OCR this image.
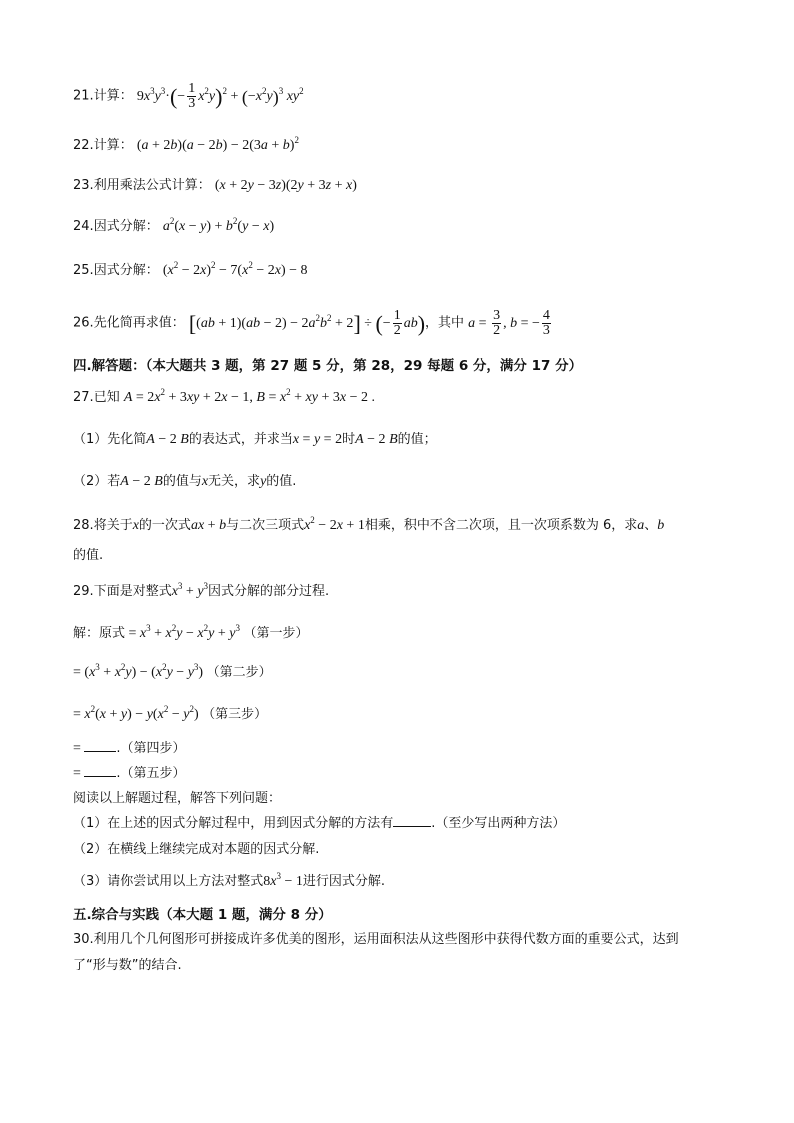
21.计算： $9x^3y^3\cdot(- \frac{1}{3} x^2y)^2 + (-x^2y)^3$ $xy^2$
22.计算： $(a + 2b)(a - 2b) - 2(3a + b)^2$
23.利用乘法公式计算： (x + 2y − 3z)(2y + 3z + x)
24.因式分解： $a^2(x - y) + b^2(y - x)$
25.因式分解： $(x^2 - 2x)^2 - 7(x^2 - 2x) - 8$
26.先化简再求值： $[(ab + 1)(ab - 2) - 2a^2b^2 + 2]$ ÷ (− $\frac{1}{2} ab$)，其中 $a = \frac{3}{2}$ , b = − $\frac{4}{3}$
四.解答题：（本大题共 3 题，第 27 题 5 分，第 28，29 每题 6 分，满分 17 分）
27.已知 $A = 2x^2 + 3xy + 2x - 1$, $B = x^2$ + xy + 3x − 2 .
（1）先化简A − 2 B的表达式，并求当x = y = 2时A − 2 B的值；
（2）若A − 2 B的值与x无关，求y的值.
28.将关于x的一次式ax + b与二次三项式$x^2 - 2x + 1$相乘，积中不含二次项，且一次项系数为 6，求a、b
的值.
29.下面是对整式$x^3 + y^3$因式分解的部分过程.
解：原式 = $x^3 + x^2y - x^2y + y^3$ （第一步）
= $(x^3 + x^2y) - (x^2y - y^3)$ （第二步）
= $x^2(x + y) - y(x^2 - y^2)$ （第三步）
= .（第四步）
= .（第五步）
阅读以上解题过程，解答下列问题：
（1）在上述的因式分解过程中，用到因式分解的方法有	.（至少写出两种方法）
（2）在横线上继续完成对本题的因式分解.
（3）请你尝试用以上方法对整式$8x^3 - 1$进行因式分解.
五.综合与实践（本大题 1 题，满分 8 分）
30.利用几个几何图形可拼接成许多优美的图形，运用面积法从这些图形中获得代数方面的重要公式，达到
了“形与数”的结合.
